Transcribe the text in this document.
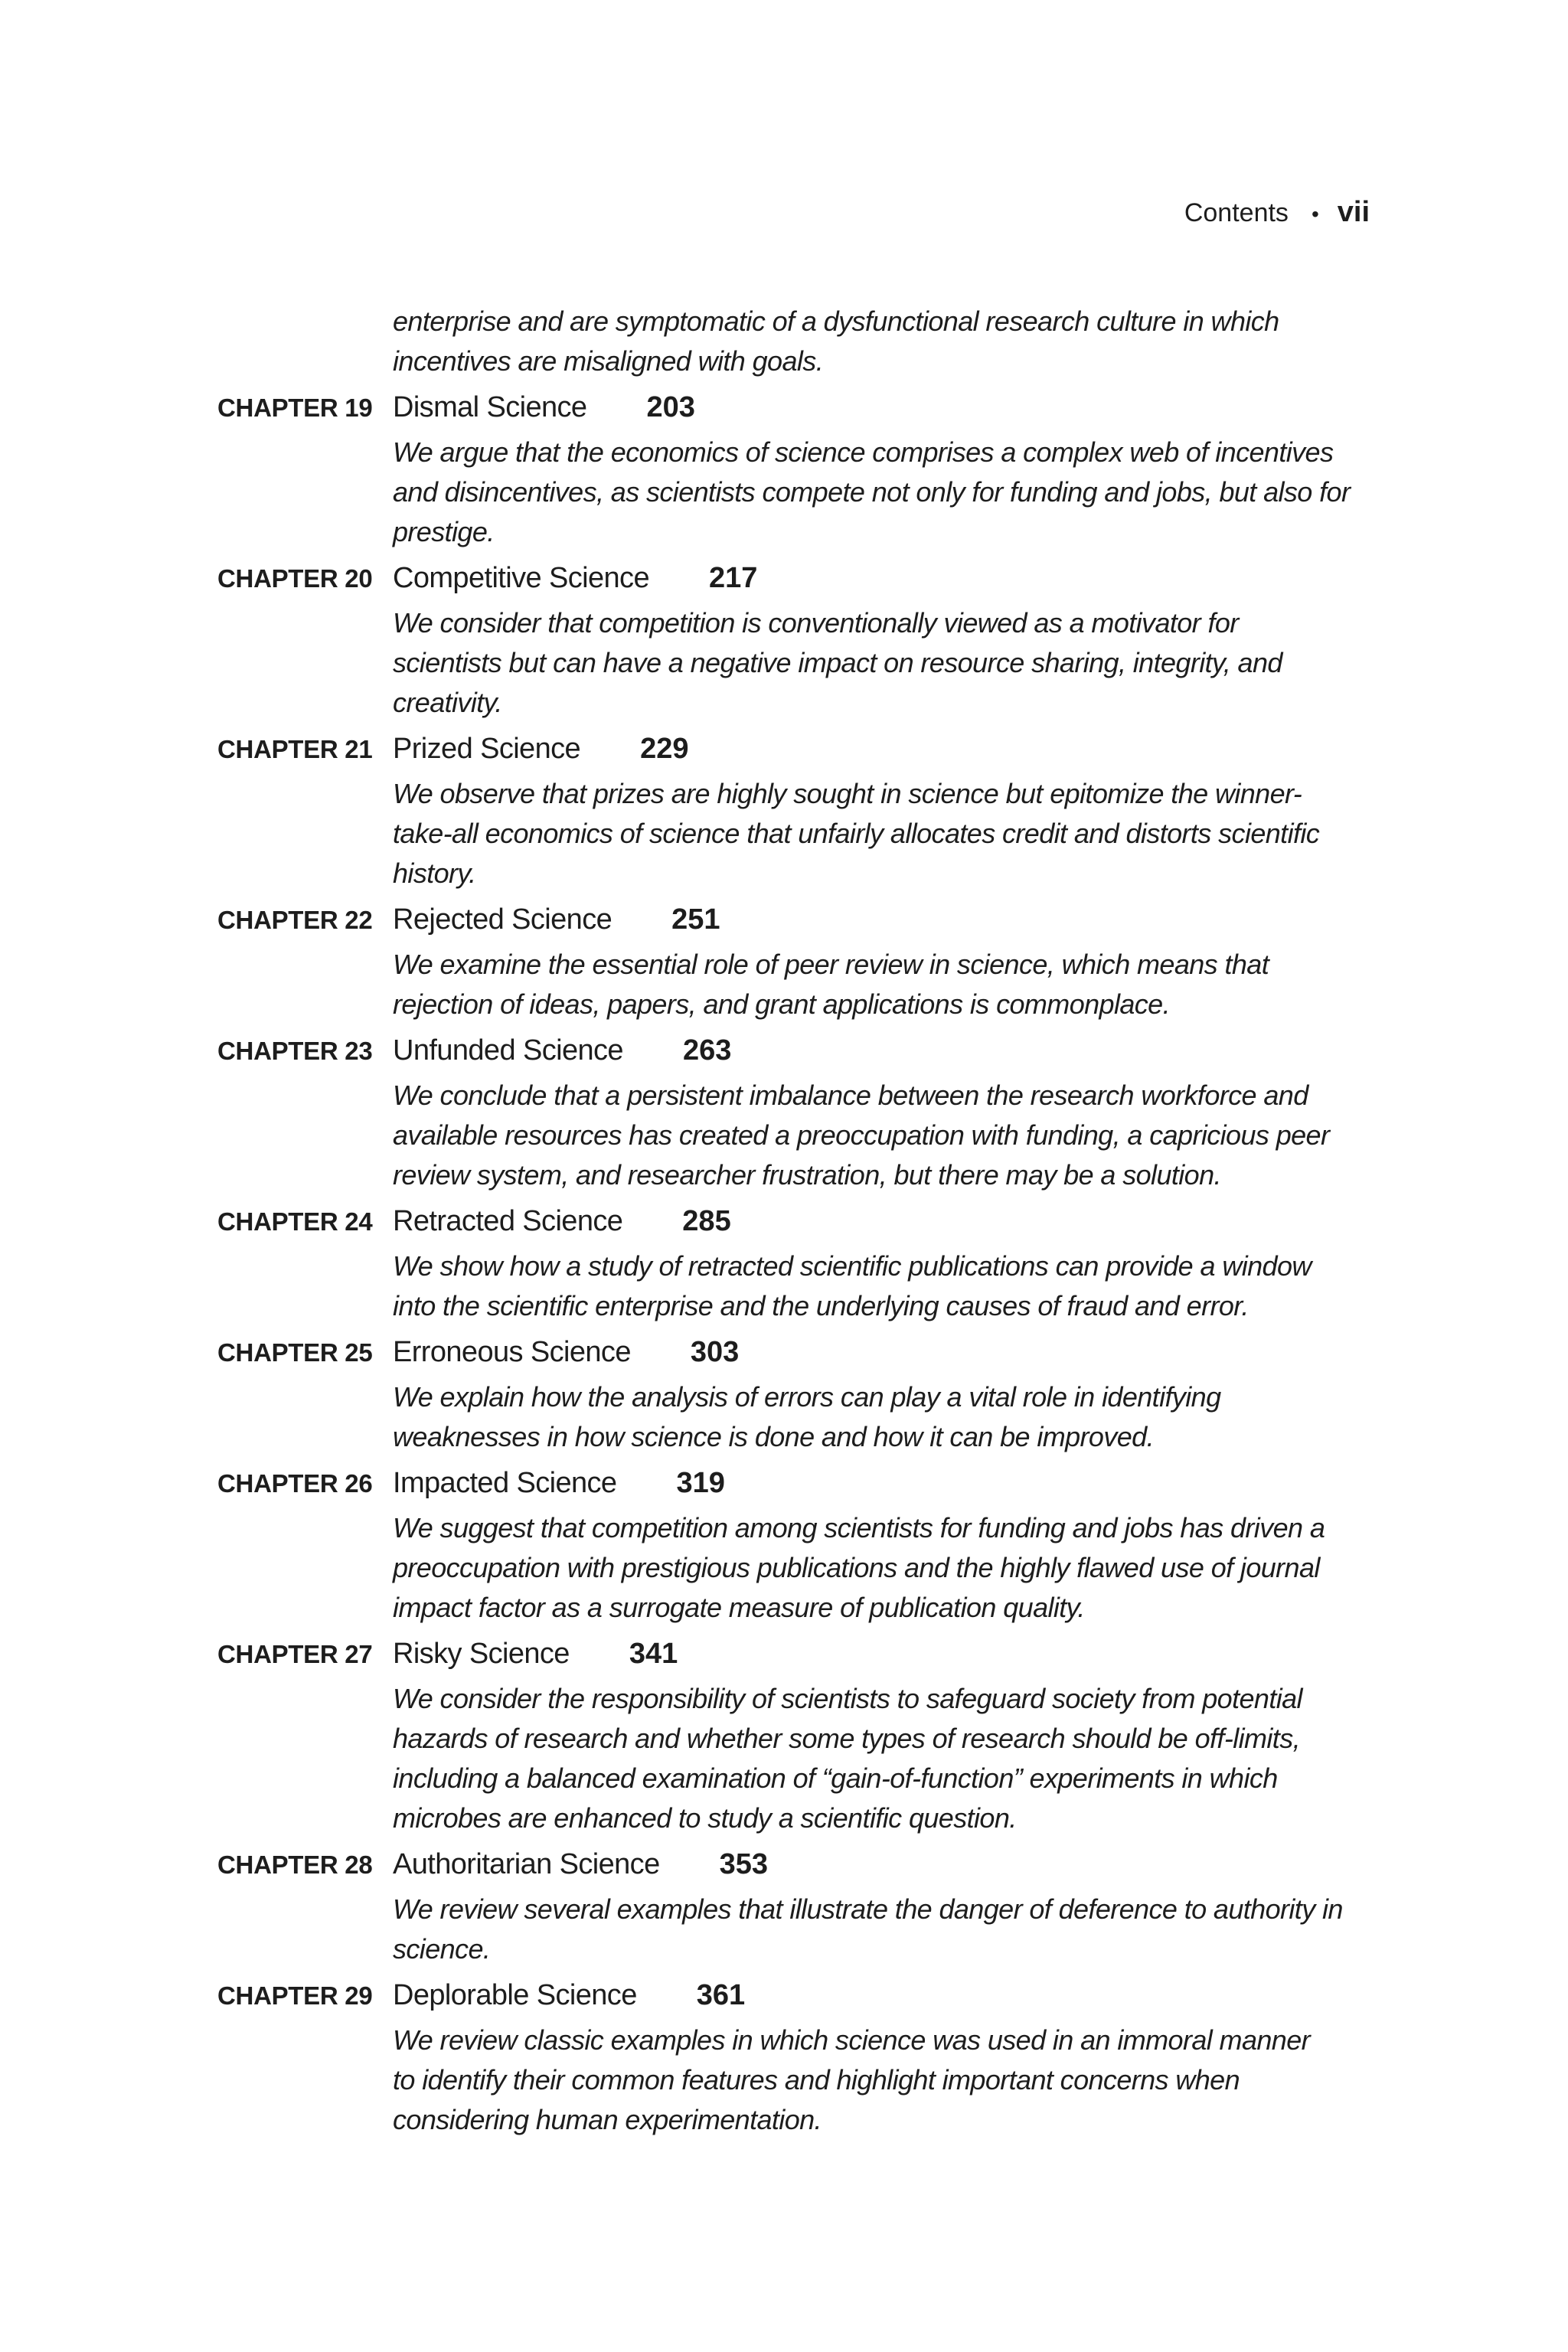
Contents • vii
enterprise and are symptomatic of a dysfunctional research culture in which
incentives are misaligned with goals.
CHAPTER 19 Dismal Science 203
We argue that the economics of science comprises a complex web of incentives
and disincentives, as scientists compete not only for funding and jobs, but also for
prestige.
CHAPTER 20 Competitive Science 217
We consider that competition is conventionally viewed as a motivator for
scientists but can have a negative impact on resource sharing, integrity, and
creativity.
CHAPTER 21 Prized Science 229
We observe that prizes are highly sought in science but epitomize the winner-
take-all economics of science that unfairly allocates credit and distorts scientific
history.
CHAPTER 22 Rejected Science 251
We examine the essential role of peer review in science, which means that
rejection of ideas, papers, and grant applications is commonplace.
CHAPTER 23 Unfunded Science 263
We conclude that a persistent imbalance between the research workforce and
available resources has created a preoccupation with funding, a capricious peer
review system, and researcher frustration, but there may be a solution.
CHAPTER 24 Retracted Science 285
We show how a study of retracted scientific publications can provide a window
into the scientific enterprise and the underlying causes of fraud and error.
CHAPTER 25 Erroneous Science 303
We explain how the analysis of errors can play a vital role in identifying
weaknesses in how science is done and how it can be improved.
CHAPTER 26 Impacted Science 319
We suggest that competition among scientists for funding and jobs has driven a
preoccupation with prestigious publications and the highly flawed use of journal
impact factor as a surrogate measure of publication quality.
CHAPTER 27 Risky Science 341
We consider the responsibility of scientists to safeguard society from potential
hazards of research and whether some types of research should be off-limits,
including a balanced examination of “gain-of-function” experiments in which
microbes are enhanced to study a scientific question.
CHAPTER 28 Authoritarian Science 353
We review several examples that illustrate the danger of deference to authority in
science.
CHAPTER 29 Deplorable Science 361
We review classic examples in which science was used in an immoral manner
to identify their common features and highlight important concerns when
considering human experimentation.
